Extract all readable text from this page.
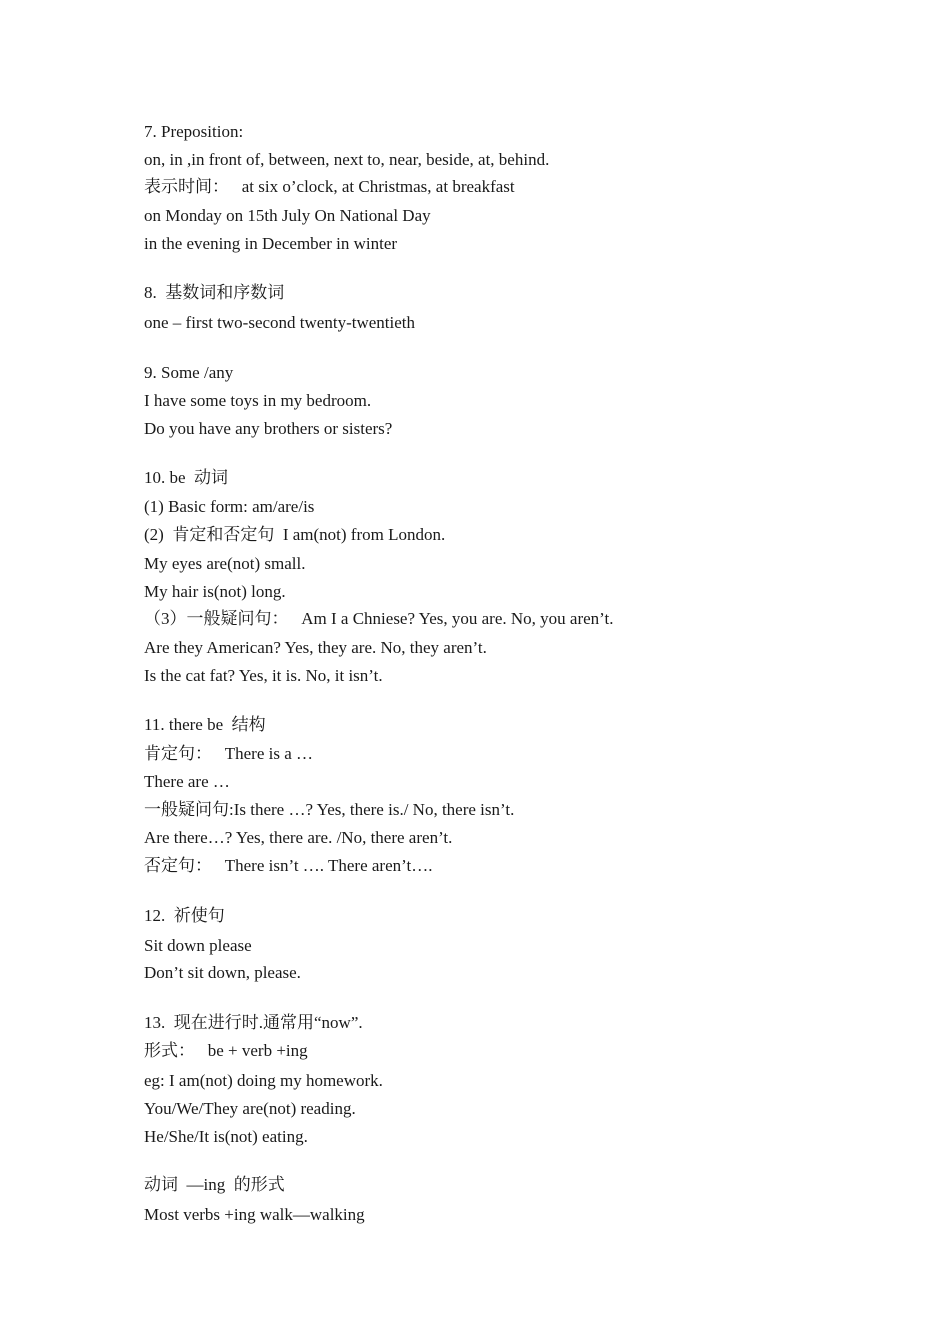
7. Preposition:
on, in ,in front of, between, next to, near, beside, at, behind.
表示时间：   at six o’clock, at Christmas, at breakfast
on Monday on 15th July On National Day
in the evening in December in winter
8.  基数词和序数词
one – first two-second twenty-twentieth
9. Some /any
I have some toys in my bedroom.
Do you have any brothers or sisters?
10. be  动词
(1) Basic form: am/are/is
(2)  肯定和否定句  I am(not) from London.
My eyes are(not) small.
My hair is(not) long.
（3）一般疑问句：   Am I a Chniese? Yes, you are. No, you aren’t.
Are they American? Yes, they are. No, they aren’t.
Is the cat fat? Yes, it is. No, it isn’t.
11. there be  结构
肯定句：   There is a …
There are …
一般疑问句:Is there …? Yes, there is./ No, there isn’t.
Are there…? Yes, there are. /No, there aren’t.
否定句：   There isn’t …. There aren’t….
12.  祈使句
Sit down please
Don’t sit down, please.
13.  现在进行时.通常用“now”.
形式：   be + verb +ing
eg: I am(not) doing my homework.
You/We/They are(not) reading.
He/She/It is(not) eating.
动词  —ing  的形式
Most verbs +ing walk—walking
